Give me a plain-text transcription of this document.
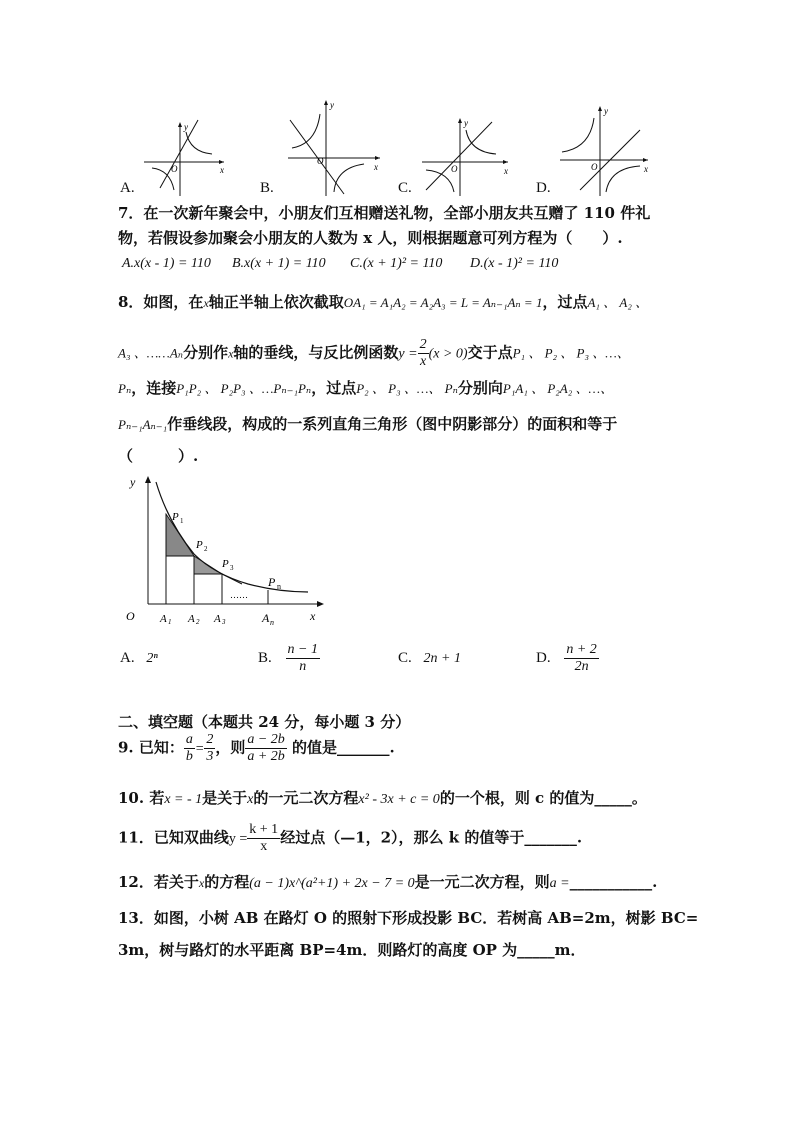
y
x
O
y
x
O
y
x
O
y
x
O
A.	B.	C.	D.
7．在一次新年聚会中，小朋友们互相赠送礼物，全部小朋友共互赠了 110 件礼
物，若假设参加聚会小朋友的人数为 x 人，则根据题意可列方程为（　　）.
A.x(x - 1) = 110 B.x(x + 1) = 110 C.(x + 1)² = 110 D.(x - 1)² = 110
8．如图，在x轴正半轴上依次截取OA₁ = A₁A₂ = A₂A₃ = L = Aₙ₋₁Aₙ = 1，过点A₁ 、 A₂ 、
A₃ 、……Aₙ分别作x轴的垂线，与反比例函数$y = \frac{2}{x} (x > 0)$交于点P₁ 、 P₂ 、 P₃ 、…、
Pₙ，连接P₁P₂ 、 P₂P₃ 、…Pₙ₋₁Pₙ，过点P₂ 、 P₃ 、…、 Pₙ分别向P₁A₁ 、 P₂A₂ 、…、
Pₙ₋₁Aₙ₋₁作垂线段，构成的一系列直角三角形（图中阴影部分）的面积和等于
（　　　）.
y
x
O
P 1
P 2
P 3
P n
……
A 1 A 2 A 3	A n
A. 2ⁿ	B. $\frac{n - 1}{n}$	C. 2n + 1	D. $\frac{n + 2}{2n}$
二、填空题（本题共 24 分，每小题 3 分）
9. 已知： $\frac{a}{b} = \frac{2}{3}$ ，则 $\frac{a - 2b}{a + 2b}$ 的值是_______.
10. 若x = - 1是关于x的一元二次方程x² - 3x + c = 0的一个根，则 c 的值为_____。
11．已知双曲线$y = \frac{k + 1}{x}$ 经过点（—1，2），那么 k 的值等于_______.
12．若关于x的方程(a − 1)x^(a²+1) + 2x − 7 = 0是一元二次方程，则a =___________.
13．如图，小树 AB 在路灯 O 的照射下形成投影 BC．若树高 AB=2m，树影 BC=
3m，树与路灯的水平距离 BP=4m．则路灯的高度 OP 为_____m．
